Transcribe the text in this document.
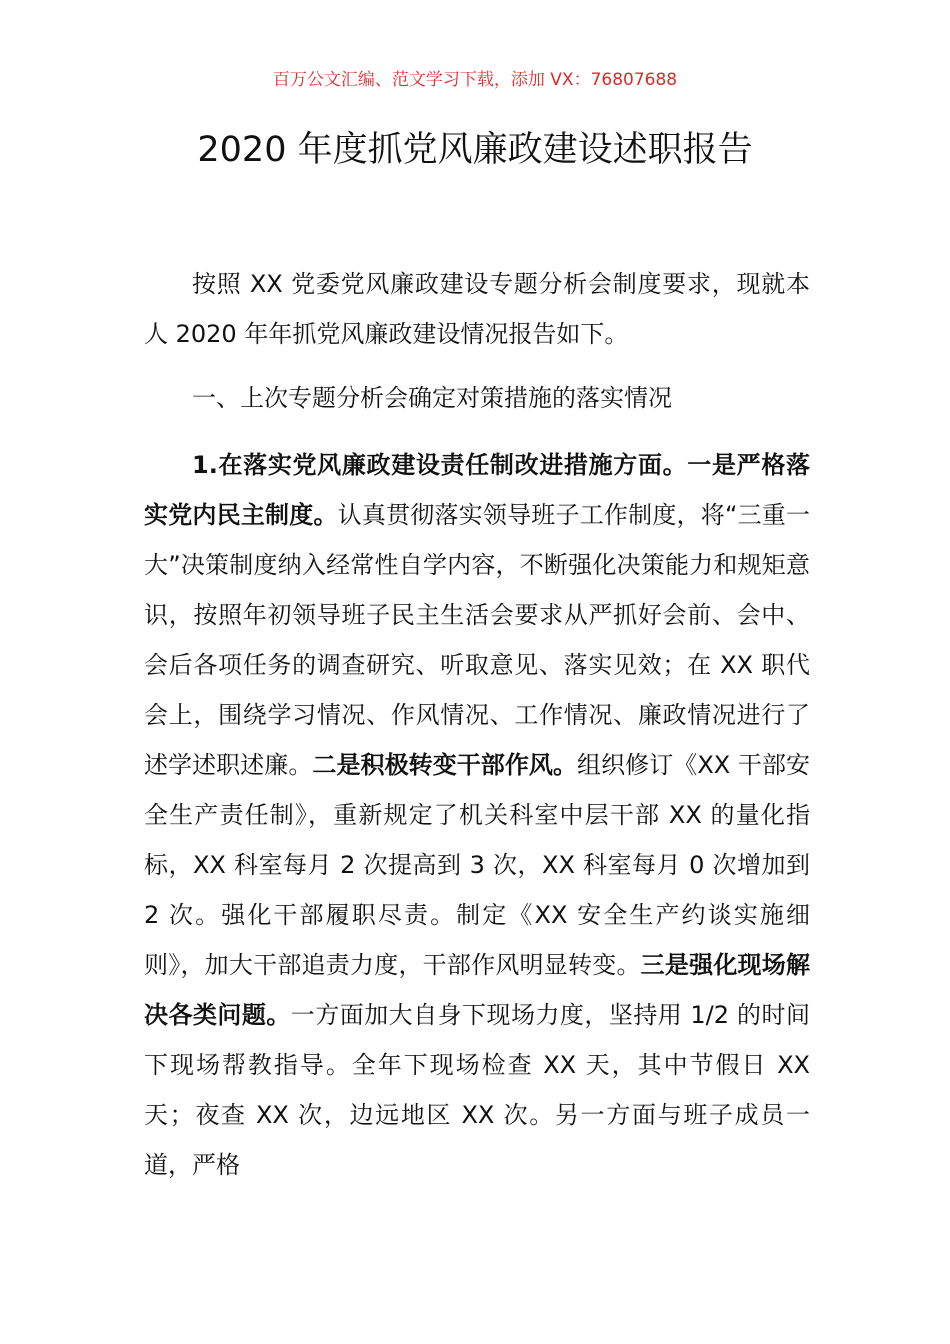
百万公文汇编、范文学习下载，添加 VX：76807688
2020 年度抓党风廉政建设述职报告

按照 XX 党委党风廉政建设专题分析会制度要求，现就本人 2020 年年抓党风廉政建设情况报告如下。

一、上次专题分析会确定对策措施的落实情况

1.在落实党风廉政建设责任制改进措施方面。一是严格落实党内民主制度。认真贯彻落实领导班子工作制度，将“三重一大”决策制度纳入经常性自学内容，不断强化决策能力和规矩意识，按照年初领导班子民主生活会要求从严抓好会前、会中、会后各项任务的调查研究、听取意见、落实见效；在 XX 职代会上，围绕学习情况、作风情况、工作情况、廉政情况进行了述学述职述廉。二是积极转变干部作风。组织修订《XX 干部安全生产责任制》，重新规定了机关科室中层干部 XX 的量化指标，XX 科室每月 2 次提高到 3 次，XX 科室每月 0 次增加到 2 次。强化干部履职尽责。制定《XX 安全生产约谈实施细则》，加大干部追责力度，干部作风明显转变。三是强化现场解决各类问题。一方面加大自身下现场力度，坚持用 1/2 的时间下现场帮教指导。全年下现场检查 XX 天，其中节假日 XX 天；夜查 XX 次，边远地区 XX 次。另一方面与班子成员一道，严格
